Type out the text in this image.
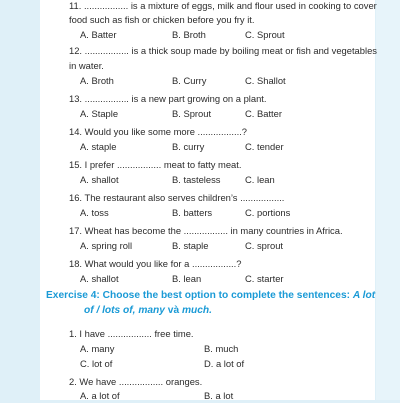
11. ................. is a mixture of eggs, milk and flour used in cooking to cover
food such as fish or chicken before you fry it.
A. Batter	B. Broth	C. Sprout
12. ................. is a thick soup made by boiling meat or fish and vegetables
in water.
A. Broth	B. Curry	C. Shallot
13. ................. is a new part growing on a plant.
A. Staple	B. Sprout	C. Batter
14. Would you like some more .................?
A. staple	B. curry	C. tender
15. I prefer ................. meat to fatty meat.
A. shallot	B. tasteless	C. lean
16. The restaurant also serves children’s .................
A. toss	B. batters	C. portions
17. Wheat has become the ................. in many countries in Africa.
A. spring roll	B. staple	C. sprout
18. What would you like for a .................?
A. shallot	B. lean	C. starter
Exercise 4: Choose the best option to complete the sentences: A lot
of / lots of, many và much.
1. I have ................. free time.
A. many	B. much
C. lot of	D. a lot of
2. We have ................. oranges.
A. a lot of	B. a lot
